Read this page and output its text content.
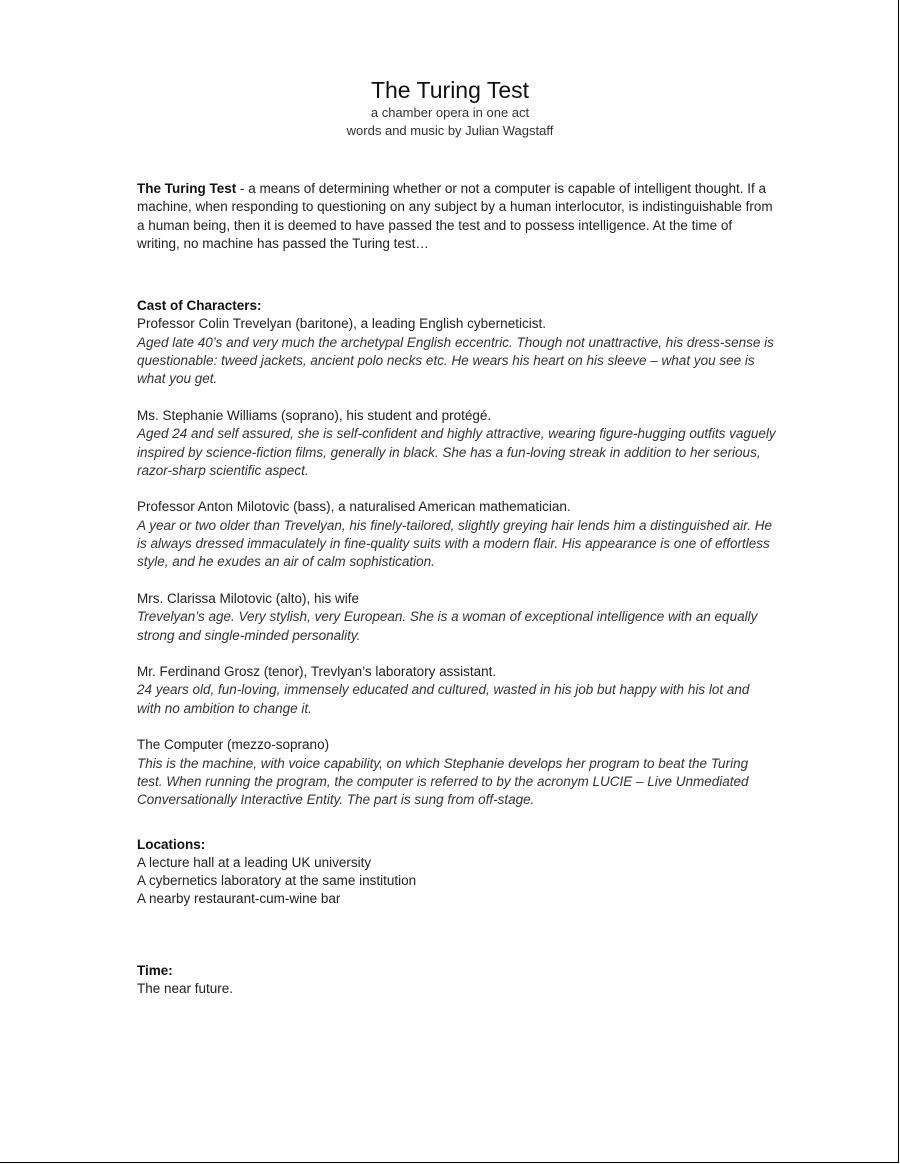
The Turing Test
a chamber opera in one act
words and music by Julian Wagstaff

The Turing Test - a means of determining whether or not a computer is capable of intelligent thought. If a machine, when responding to questioning on any subject by a human interlocutor, is indistinguishable from a human being, then it is deemed to have passed the test and to possess intelligence. At the time of writing, no machine has passed the Turing test…

Cast of Characters:
Professor Colin Trevelyan (baritone), a leading English cyberneticist.
Aged late 40’s and very much the archetypal English eccentric. Though not unattractive, his dress-sense is questionable: tweed jackets, ancient polo necks etc. He wears his heart on his sleeve – what you see is what you get.
Ms. Stephanie Williams (soprano), his student and protégé.
Aged 24 and self assured, she is self-confident and highly attractive, wearing figure-hugging outfits vaguely inspired by science-fiction films, generally in black. She has a fun-loving streak in addition to her serious, razor-sharp scientific aspect.
Professor Anton Milotovic (bass), a naturalised American mathematician.
A year or two older than Trevelyan, his finely-tailored, slightly greying hair lends him a distinguished air. He is always dressed immaculately in fine-quality suits with a modern flair. His appearance is one of effortless style, and he exudes an air of calm sophistication.
Mrs. Clarissa Milotovic (alto), his wife
Trevelyan’s age. Very stylish, very European. She is a woman of exceptional intelligence with an equally strong and single-minded personality.
Mr. Ferdinand Grosz (tenor), Trevlyan’s laboratory assistant.
24 years old, fun-loving, immensely educated and cultured, wasted in his job but happy with his lot and with no ambition to change it.
The Computer (mezzo-soprano)
This is the machine, with voice capability, on which Stephanie develops her program to beat the Turing test. When running the program, the computer is referred to by the acronym LUCIE – Live Unmediated Conversationally Interactive Entity. The part is sung from off-stage.
Locations:
A lecture hall at a leading UK university
A cybernetics laboratory at the same institution
A nearby restaurant-cum-wine bar
Time:
The near future.
